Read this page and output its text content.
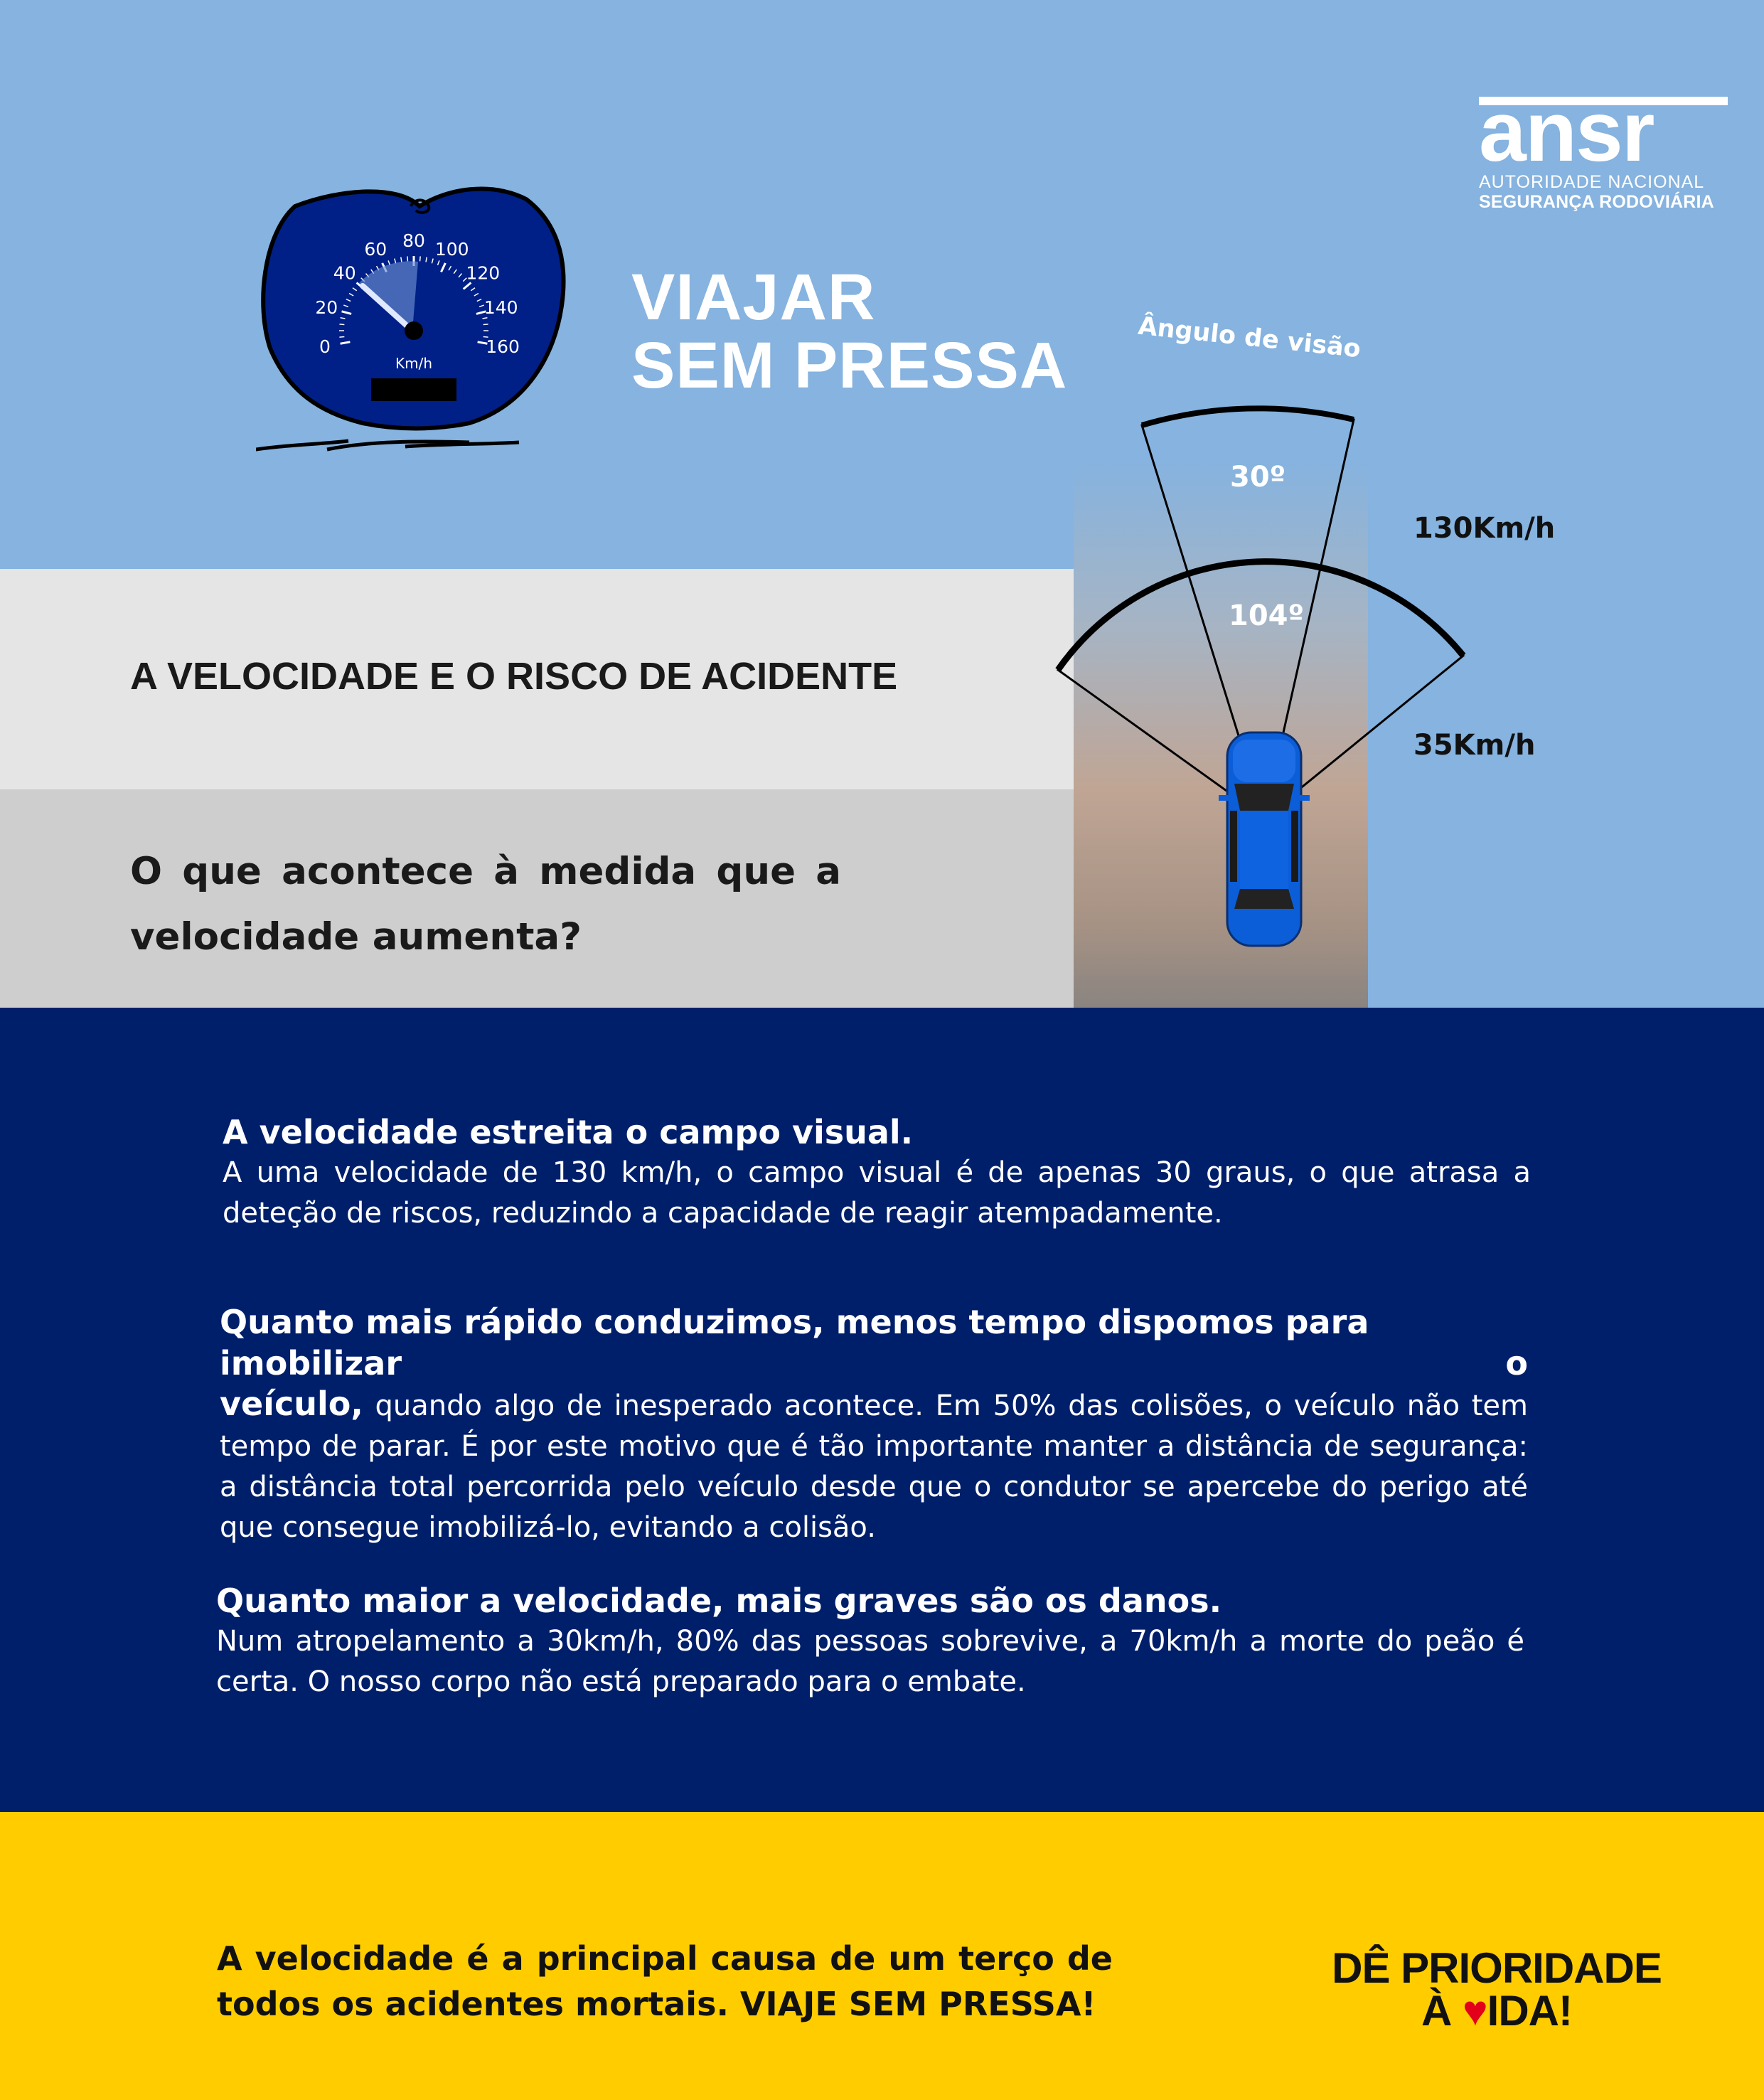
0
20
40
60 80 100
120
140
160
Km/h
VIAJAR
SEM PRESSA
ansr
AUTORIDADE NACIONAL
SEGURANÇA RODOVIÁRIA
A VELOCIDADE E O RISCO DE ACIDENTE
O que acontece à medida que a
velocidade aumenta?
Ângulo de visão
30º
104º
130Km/h
35Km/h
A velocidade estreita o campo visual.
A uma velocidade de 130 km/h, o campo visual é de apenas 30 graus, o que atrasa a deteção de riscos, reduzindo a capacidade de reagir atempadamente.
Quanto mais rápido conduzimos, menos tempo dispomos para imobilizar o
veículo, quando algo de inesperado acontece. Em 50% das colisões, o veículo não tem tempo de parar. É por este motivo que é tão importante manter a distância de segurança: a distância total percorrida pelo veículo desde que o condutor se apercebe do perigo até que consegue imobilizá-lo, evitando a colisão.
Quanto maior a velocidade, mais graves são os danos.
Num atropelamento a 30km/h, 80% das pessoas sobrevive, a 70km/h a morte do peão é certa. O nosso corpo não está preparado para o embate.
A velocidade é a principal causa de um terço de
todos os acidentes mortais. VIAJE SEM PRESSA!
DÊ PRIORIDADE
À ♥IDA!
